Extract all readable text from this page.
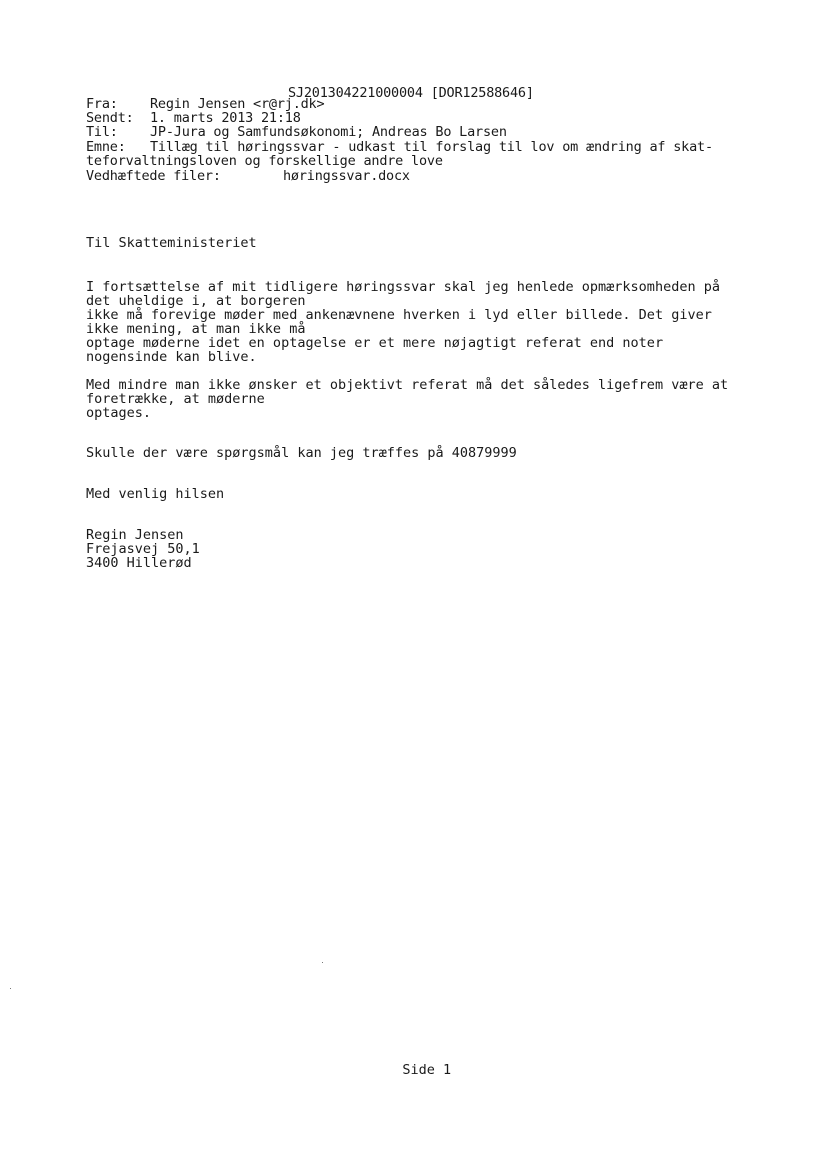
SJ201304221000004 [DOR12588646]
Fra: Regin Jensen <r@rj.dk>
Sendt: 1. marts 2013 21:18
Til: JP-Jura og Samfundsøkonomi; Andreas Bo Larsen
Emne: Tillæg til høringssvar - udkast til forslag til lov om ændring af skat-
teforvaltningsloven og forskellige andre love
Vedhæftede filer:	høringssvar.docx
Til Skatteministeriet
I fortsættelse af mit tidligere høringssvar skal jeg henlede opmærksomheden på
det uheldige i, at borgeren
ikke må forevige møder med ankenævnene hverken i lyd eller billede. Det giver
ikke mening, at man ikke må
optage møderne idet en optagelse er et mere nøjagtigt referat end noter
nogensinde kan blive.
Med mindre man ikke ønsker et objektivt referat må det således ligefrem være at
foretrække, at møderne
optages.
Skulle der være spørgsmål kan jeg træffes på 40879999
Med venlig hilsen
Regin Jensen
Frejasvej 50,1
3400 Hillerød

Side 1
